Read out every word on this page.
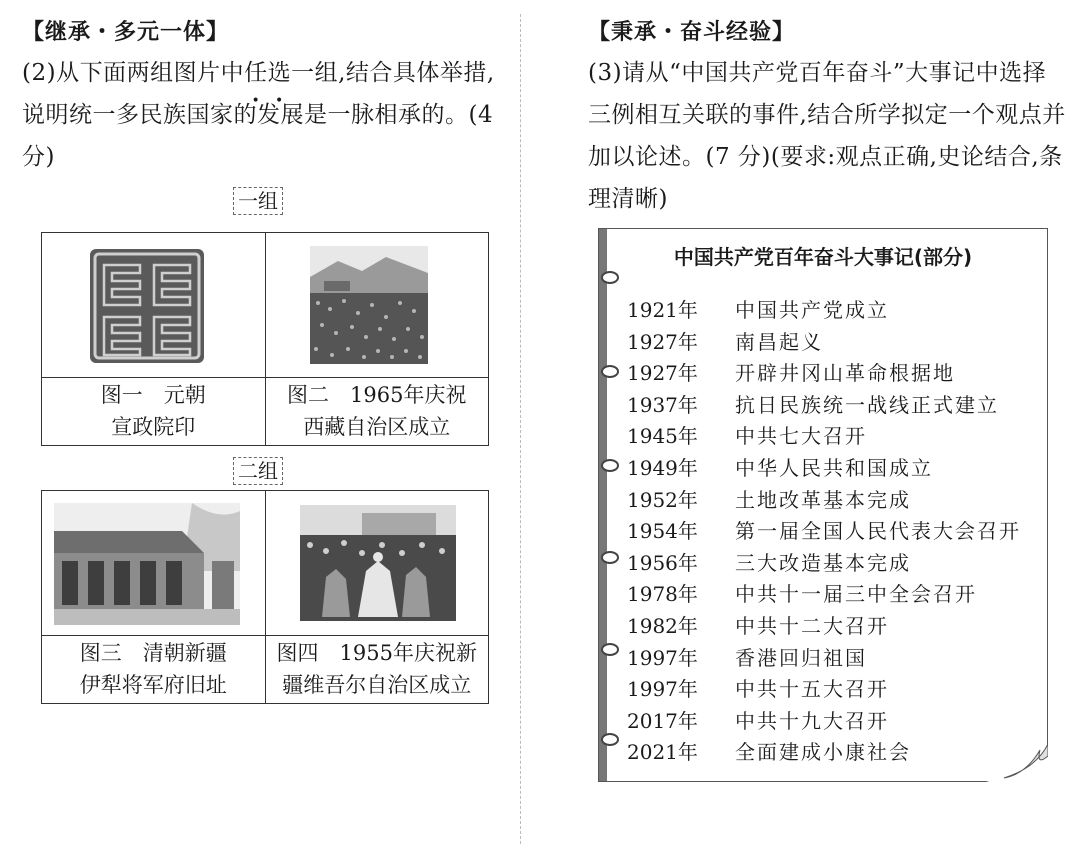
【继承・多元一体】
(2)从下面两组图片中任选一组,结合具体举措,说明统一多民族国家的发展是一脉相承的。(4 分)
一组
图一　元朝
宣政院印
图二　1965年庆祝
西藏自治区成立
二组
图三　清朝新疆
伊犁将军府旧址
图四　1955年庆祝新
疆维吾尔自治区成立
【秉承・奋斗经验】
(3)请从“中国共产党百年奋斗”大事记中选择三例相互关联的事件,结合所学拟定一个观点并加以论述。(7 分)(要求:观点正确,史论结合,条理清晰)
中国共产党百年奋斗大事记(部分)
1921年	中国共产党成立
1927年	南昌起义
1927年	开辟井冈山革命根据地
1937年	抗日民族统一战线正式建立
1945年	中共七大召开
1949年	中华人民共和国成立
1952年	土地改革基本完成
1954年	第一届全国人民代表大会召开
1956年	三大改造基本完成
1978年	中共十一届三中全会召开
1982年	中共十二大召开
1997年	香港回归祖国
1997年	中共十五大召开
2017年	中共十九大召开
2021年	全面建成小康社会
